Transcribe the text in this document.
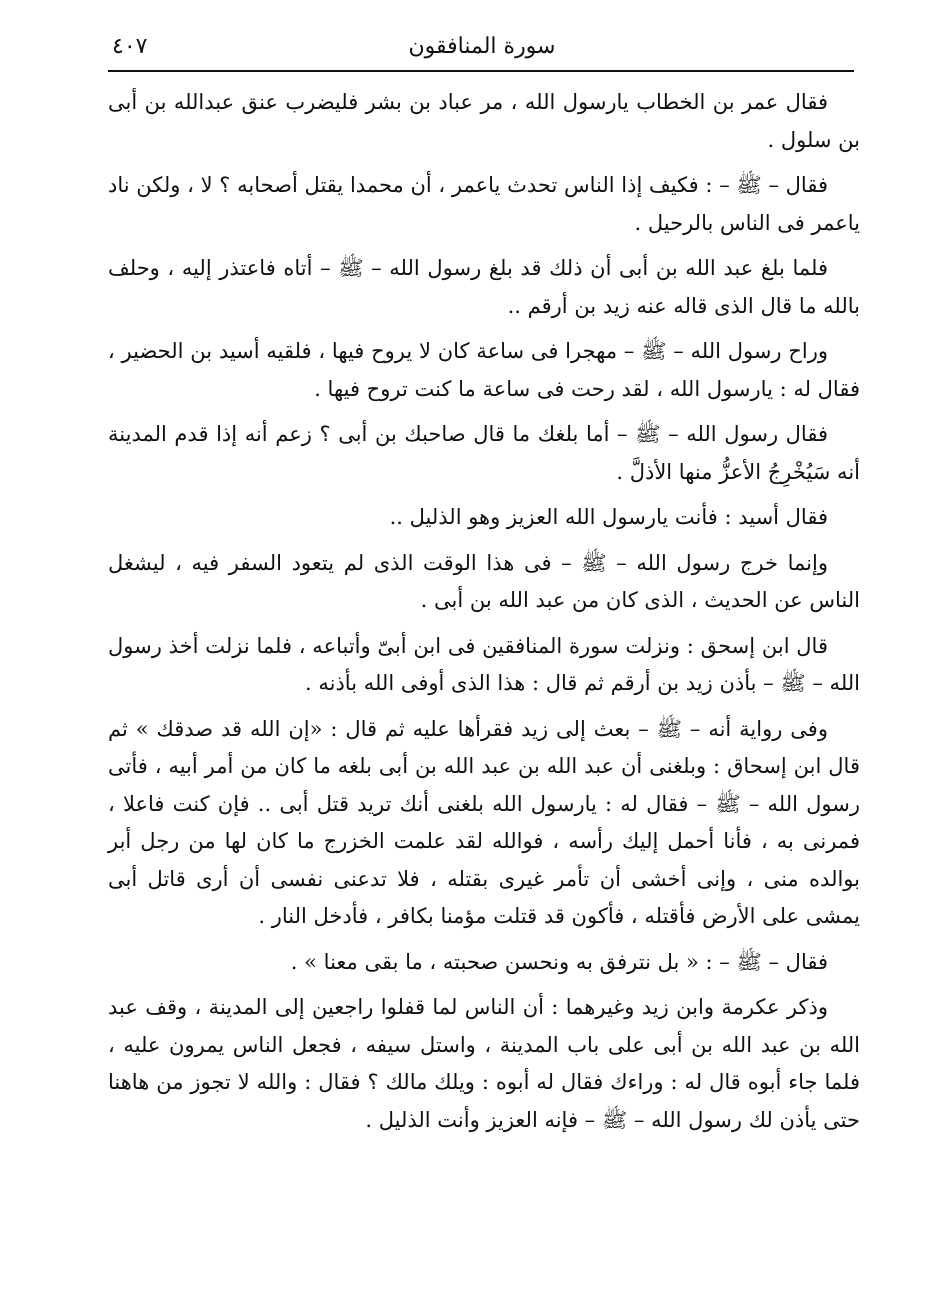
سورة المنافقون
٤٠٧

فقال عمر بن الخطاب يارسول الله ، مر عباد بن بشر فليضرب عنق عبدالله بن أبى بن سلول .

فقال – ﷺ – : فكيف إذا الناس تحدث ياعمر ، أن محمدا يقتل أصحابه ؟ لا ، ولكن ناد ياعمر فى الناس بالرحيل .

فلما بلغ عبد الله بن أبى أن ذلك قد بلغ رسول الله – ﷺ – أتاه فاعتذر إليه ، وحلف بالله ما قال الذى قاله عنه زيد بن أرقم ..

وراح رسول الله – ﷺ – مهجرا فى ساعة كان لا يروح فيها ، فلقيه أسيد بن الحضير ، فقال له : يارسول الله ، لقد رحت فى ساعة ما كنت تروح فيها .

فقال رسول الله – ﷺ – أما بلغك ما قال صاحبك بن أبى ؟ زعم أنه إذا قدم المدينة أنه سَيُخْرِجُ الأعزُّ منها الأذلَّ .

فقال أسيد : فأنت يارسول الله العزيز وهو الذليل ..

وإنما خرج رسول الله – ﷺ – فى هذا الوقت الذى لم يتعود السفر فيه ، ليشغل الناس عن الحديث ، الذى كان من عبد الله بن أبى .

قال ابن إسحق : ونزلت سورة المنافقين فى ابن أبىّ وأتباعه ، فلما نزلت أخذ رسول الله – ﷺ – بأذن زيد بن أرقم ثم قال : هذا الذى أوفى الله بأذنه .

وفى رواية أنه – ﷺ – بعث إلى زيد فقرأها عليه ثم قال : «إن الله قد صدقك » ثم قال ابن إسحاق : وبلغنى أن عبد الله بن عبد الله بن أبى بلغه ما كان من أمر أبيه ، فأتى رسول الله – ﷺ – فقال له : يارسول الله بلغنى أنك تريد قتل أبى .. فإن كنت فاعلا ، فمرنى به ، فأنا أحمل إليك رأسه ، فوالله لقد علمت الخزرج ما كان لها من رجل أبر بوالده منى ، وإنى أخشى أن تأمر غيرى بقتله ، فلا تدعنى نفسى أن أرى قاتل أبى يمشى على الأرض فأقتله ، فأكون قد قتلت مؤمنا بكافر ، فأدخل النار .

فقال – ﷺ – : « بل نترفق به ونحسن صحبته ، ما بقى معنا » .

وذكر عكرمة وابن زيد وغيرهما : أن الناس لما قفلوا راجعين إلى المدينة ، وقف عبد الله بن عبد الله بن أبى على باب المدينة ، واستل سيفه ، فجعل الناس يمرون عليه ، فلما جاء أبوه قال له : وراءك فقال له أبوه : ويلك مالك ؟ فقال : والله لا تجوز من هاهنا حتى يأذن لك رسول الله – ﷺ – فإنه العزيز وأنت الذليل .
